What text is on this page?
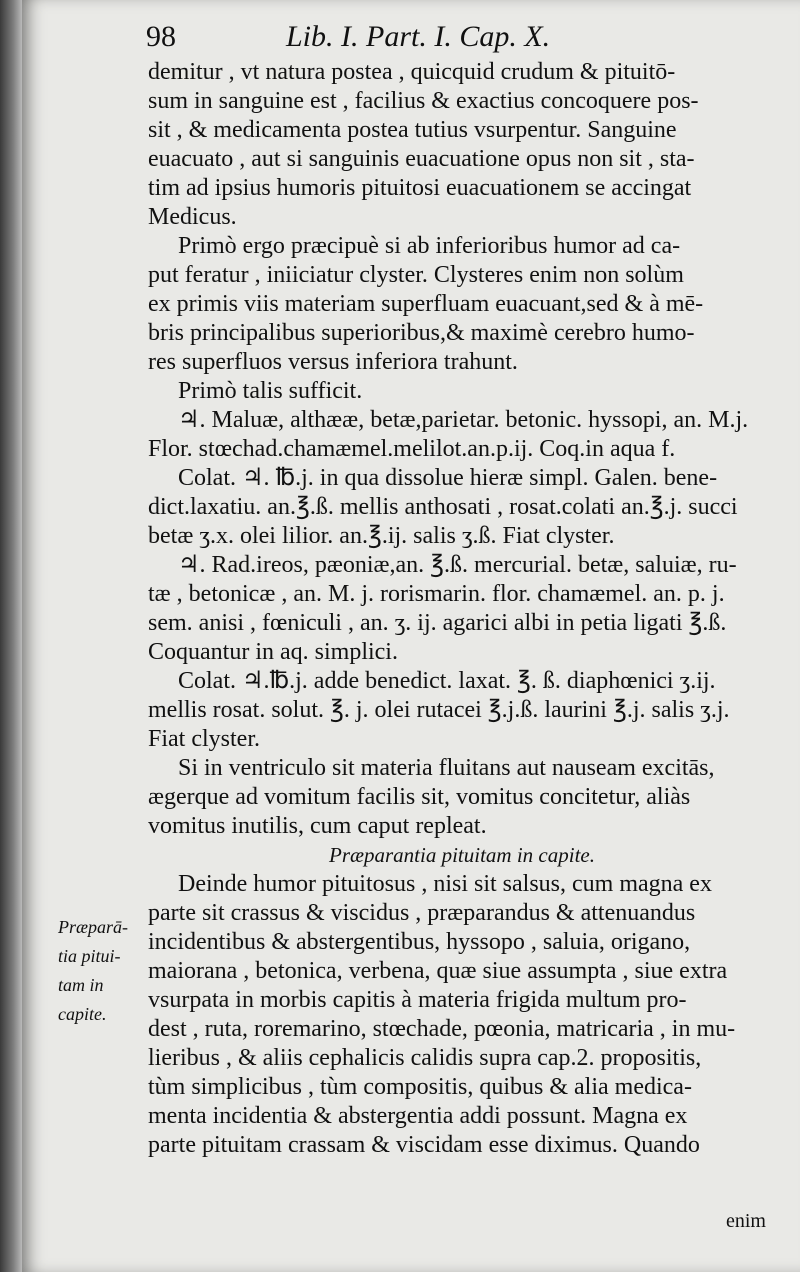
98	Lib. I. Part. I. Cap. X.
demitur , vt natura postea , quicquid crudum & pituitō-
sum in sanguine est , facilius & exactius concoquere pos-
sit , & medicamenta postea tutius vsurpentur. Sanguine
euacuato , aut si sanguinis euacuatione opus non sit , sta-
tim ad ipsius humoris pituitosi euacuationem se accingat
Medicus.
Primò ergo præcipuè si ab inferioribus humor ad ca-
put feratur , iniiciatur clyster. Clysteres enim non solùm
ex primis viis materiam superfluam euacuant,sed & à mē-
bris principalibus superioribus,& maximè cerebro humo-
res superfluos versus inferiora trahunt.
Primò talis sufficit.
♃. Maluæ, althææ, betæ,parietar. betonic. hyssopi, an. M.j.
Flor. stœchad.chamæmel.melilot.an.p.ij. Coq.in aqua f.
Colat. ♃. ℔.j. in qua dissolue hieræ simpl. Galen. bene-
dict.laxatiu. an.℥.ß. mellis anthosati , rosat.colati an.℥.j. succi
betæ ʒ.x. olei lilior. an.℥.ij. salis ʒ.ß. Fiat clyster.
♃. Rad.ireos, pæoniæ,an. ℥.ß. mercurial. betæ, saluiæ, ru-
tæ , betonicæ , an. M. j. rorismarin. flor. chamæmel. an. p. j.
sem. anisi , fœniculi , an. ʒ. ij. agarici albi in petia ligati ℥.ß.
Coquantur in aq. simplici.
Colat. ♃.℔.j. adde benedict. laxat. ℥. ß. diaphœnici ʒ.ij.
mellis rosat. solut. ℥. j. olei rutacei ℥.j.ß. laurini ℥.j. salis ʒ.j.
Fiat clyster.
Si in ventriculo sit materia fluitans aut nauseam excitās,
ægerque ad vomitum facilis sit, vomitus concitetur, aliàs
vomitus inutilis, cum caput repleat.
Præparantia pituitam in capite.
Deinde humor pituitosus , nisi sit salsus, cum magna ex
parte sit crassus & viscidus , præparandus & attenuandus
incidentibus & abstergentibus, hyssopo , saluia, origano,
maiorana , betonica, verbena, quæ siue assumpta , siue extra
vsurpata in morbis capitis à materia frigida multum pro-
dest , ruta, roremarino, stœchade, pœonia, matricaria , in mu-
lieribus , & aliis cephalicis calidis supra cap.2. propositis,
tùm simplicibus , tùm compositis, quibus & alia medica-
menta incidentia & abstergentia addi possunt. Magna ex
parte pituitam crassam & viscidam esse diximus. Quando
Præparā-
tia pitui-
tam in
capite.
enim
